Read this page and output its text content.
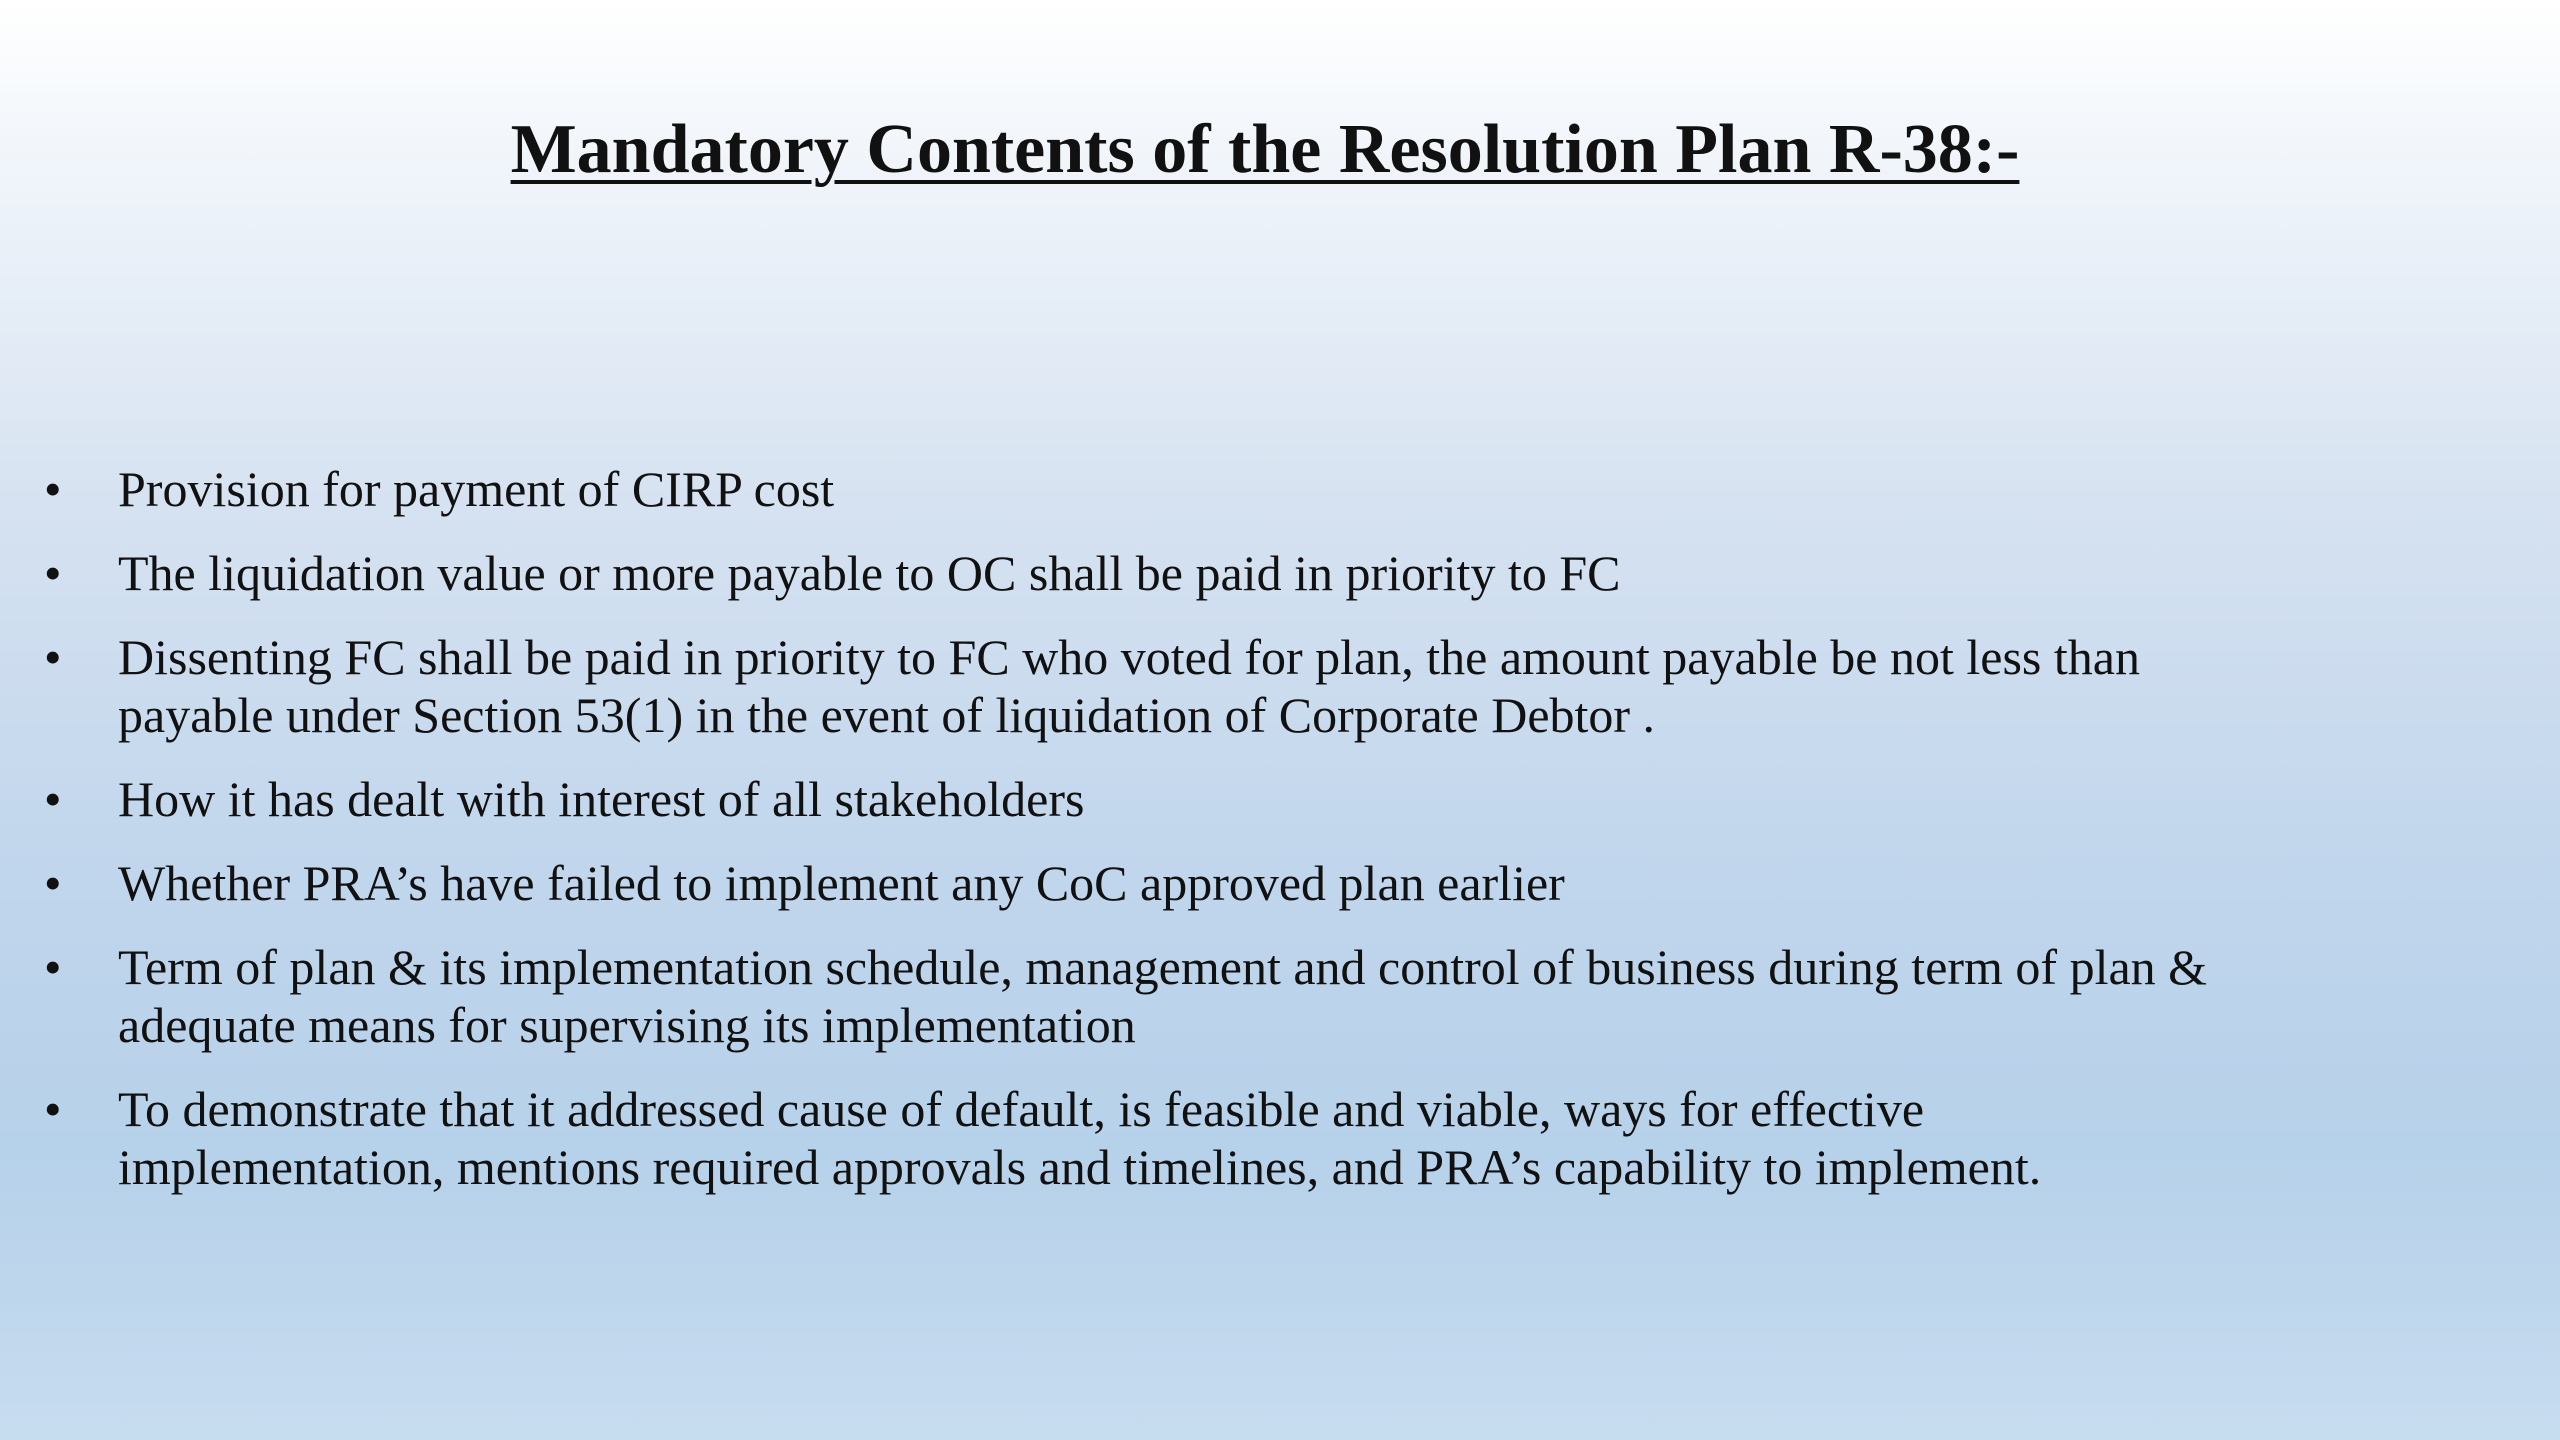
Mandatory Contents of the Resolution Plan R-38:-
•	Provision for payment of CIRP cost
•	The liquidation value or more payable to OC shall be paid in priority to FC
•	Dissenting FC shall be paid in priority to FC who voted for plan, the amount payable be not less than  payable under Section 53(1) in the event of liquidation of Corporate Debtor .
•	How it has dealt with interest of all stakeholders
•	Whether PRA’s have failed to implement any CoC approved plan earlier
•	Term of plan & its implementation schedule, management and control of business during term of plan & adequate means for supervising its implementation
•	To demonstrate that it addressed cause of default, is feasible and viable, ways for effective implementation, mentions required approvals and timelines, and PRA’s capability to implement.
